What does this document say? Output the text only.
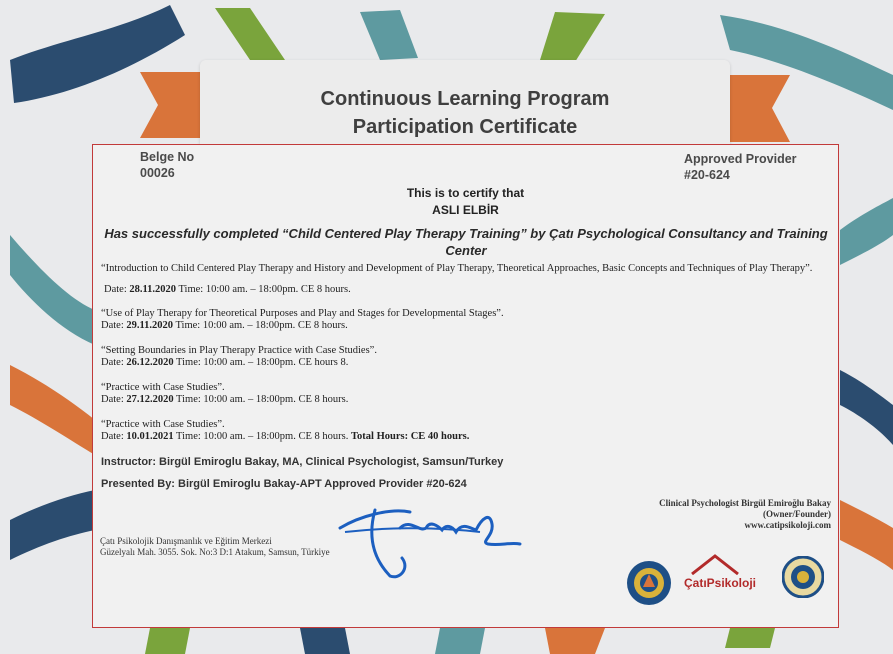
Continuous Learning Program
Participation Certificate
Belge No
00026
Approved Provider
#20-624
This is to certify that
ASLI ELBİR
Has successfully completed “Child Centered Play Therapy Training” by Çatı Psychological Consultancy and Training
Center
“Introduction to Child Centered Play Therapy and History and Development of Play Therapy, Theoretical Approaches, Basic Concepts and Techniques of Play Therapy”.
Date: 28.11.2020 Time: 10:00 am. – 18:00pm. CE 8 hours.
“Use of Play Therapy for Theoretical Purposes and Play and Stages for Developmental Stages”.
Date: 29.11.2020 Time: 10:00 am. – 18:00pm. CE 8 hours.
“Setting Boundaries in Play Therapy Practice with Case Studies”.
Date: 26.12.2020 Time: 10:00 am. – 18:00pm. CE hours 8.
“Practice with Case Studies”.
Date: 27.12.2020 Time: 10:00 am. – 18:00pm. CE 8 hours.
“Practice with Case Studies”.
Date: 10.01.2021 Time: 10:00 am. – 18:00pm. CE 8 hours. Total Hours: CE 40 hours.
Instructor: Birgül Emiroglu Bakay, MA, Clinical Psychologist, Samsun/Turkey
Presented By: Birgül Emiroglu Bakay-APT Approved Provider #20-624
Clinical Psychologist Birgül Emiroğlu Bakay
(Owner/Founder)
www.catipsikoloji.com
Çatı Psikolojik Danışmanlık ve Eğitim Merkezi
Güzelyalı Mah. 3055. Sok. No:3 D:1 Atakum, Samsun, Türkiye
ÇatıPsikoloji
